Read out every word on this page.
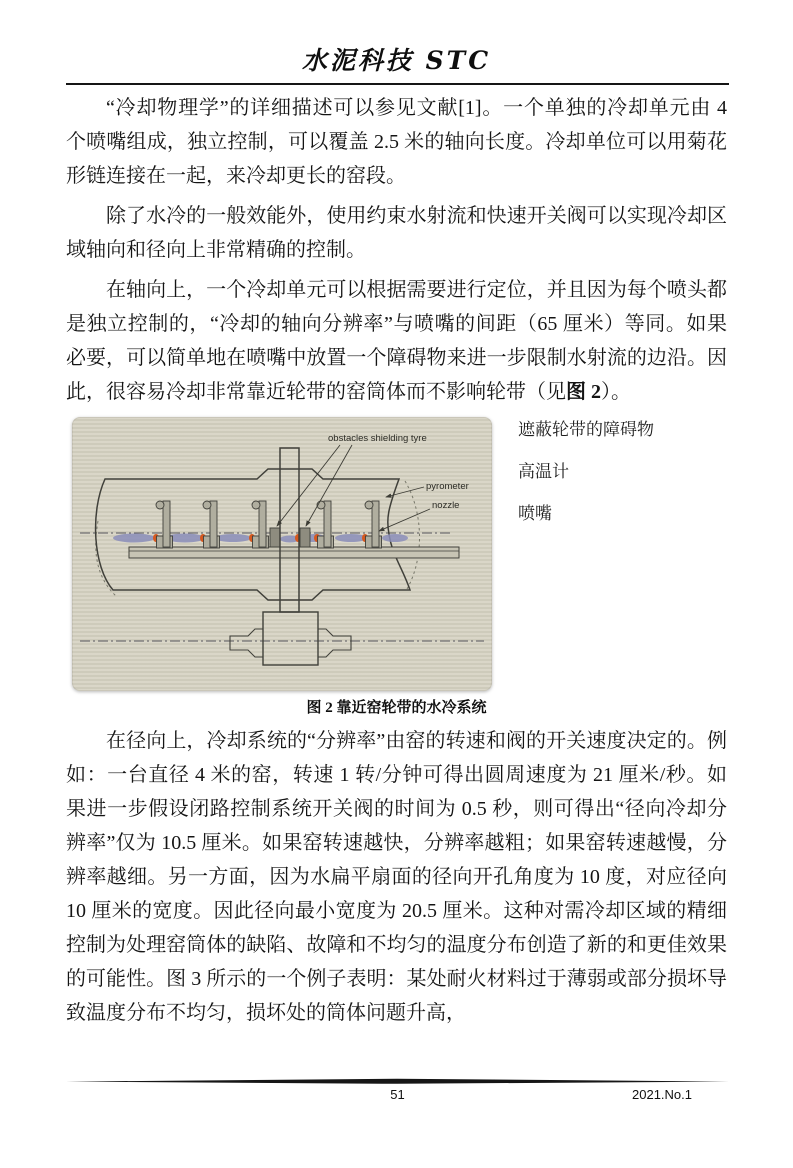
水泥科技 STC

“冷却物理学”的详细描述可以参见文献[1]。一个单独的冷却单元由 4 个喷嘴组成，独立控制，可以覆盖 2.5 米的轴向长度。冷却单位可以用菊花形链连接在一起，来冷却更长的窑段。

除了水冷的一般效能外，使用约束水射流和快速开关阀可以实现冷却区域轴向和径向上非常精确的控制。

在轴向上，一个冷却单元可以根据需要进行定位，并且因为每个喷头都是独立控制的，“冷却的轴向分辨率”与喷嘴的间距（65 厘米）等同。如果必要，可以简单地在喷嘴中放置一个障碍物来进一步限制水射流的边沿。因此，很容易冷却非常靠近轮带的窑筒体而不影响轮带（见图 2）。

obstacles shielding tyre
pyrometer
nozzle
遮蔽轮带的障碍物
高温计
喷嘴
图 2 靠近窑轮带的水冷系统

在径向上，冷却系统的“分辨率”由窑的转速和阀的开关速度决定的。例如：一台直径 4 米的窑，转速 1 转/分钟可得出圆周速度为 21 厘米/秒。如果进一步假设闭路控制系统开关阀的时间为 0.5 秒，则可得出“径向冷却分辨率”仅为 10.5 厘米。如果窑转速越快，分辨率越粗；如果窑转速越慢，分辨率越细。另一方面，因为水扁平扇面的径向开孔角度为 10 度，对应径向 10 厘米的宽度。因此径向最小宽度为 20.5 厘米。这种对需冷却区域的精细控制为处理窑筒体的缺陷、故障和不均匀的温度分布创造了新的和更佳效果的可能性。图 3 所示的一个例子表明：某处耐火材料过于薄弱或部分损坏导致温度分布不均匀，损坏处的筒体问题升高，

51	2021.No.1
